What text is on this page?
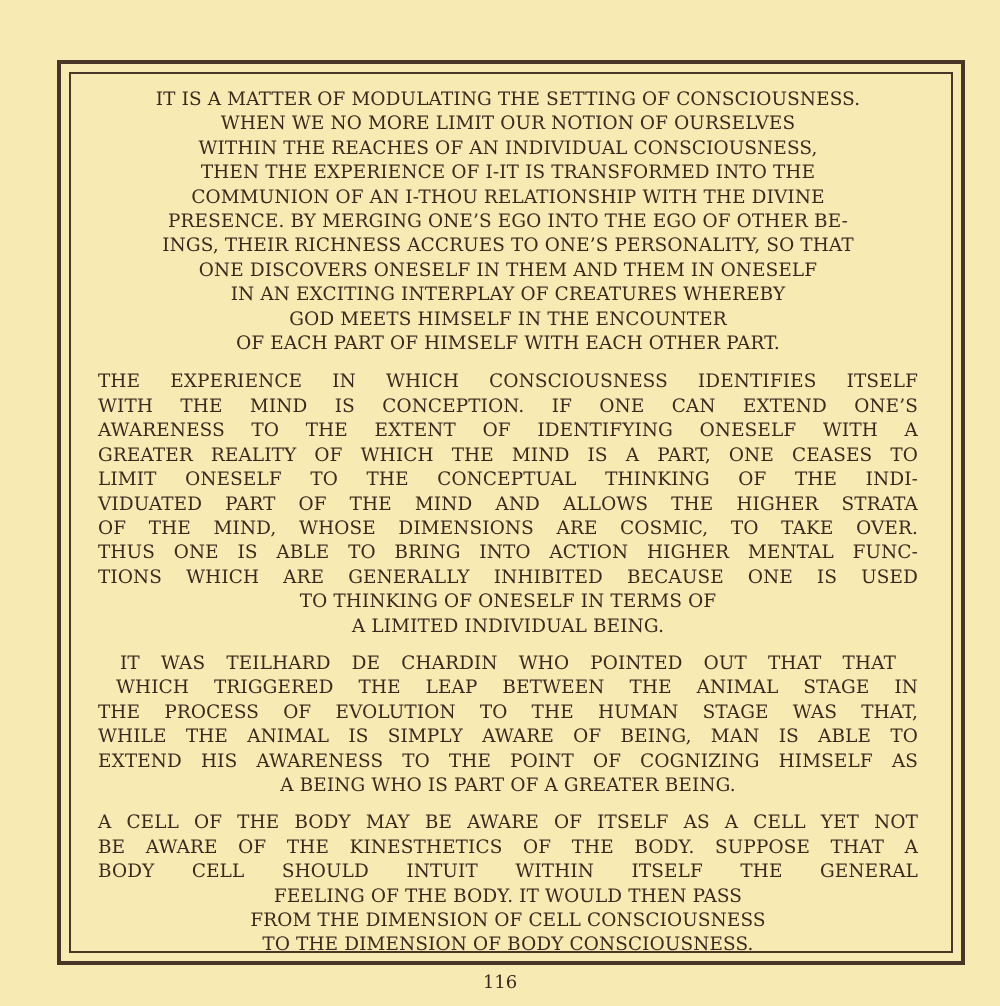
IT IS A MATTER OF MODULATING THE SETTING OF CONSCIOUSNESS.
WHEN WE NO MORE LIMIT OUR NOTION OF OURSELVES
WITHIN THE REACHES OF AN INDIVIDUAL CONSCIOUSNESS,
THEN THE EXPERIENCE OF I-IT IS TRANSFORMED INTO THE
COMMUNION OF AN I-THOU RELATIONSHIP WITH THE DIVINE
PRESENCE. BY MERGING ONE’S EGO INTO THE EGO OF OTHER BE-
INGS, THEIR RICHNESS ACCRUES TO ONE’S PERSONALITY, SO THAT
ONE DISCOVERS ONESELF IN THEM AND THEM IN ONESELF
IN AN EXCITING INTERPLAY OF CREATURES WHEREBY
GOD MEETS HIMSELF IN THE ENCOUNTER
OF EACH PART OF HIMSELF WITH EACH OTHER PART.

THE EXPERIENCE IN WHICH CONSCIOUSNESS IDENTIFIES ITSELF
WITH THE MIND IS CONCEPTION. IF ONE CAN EXTEND ONE’S
AWARENESS TO THE EXTENT OF IDENTIFYING ONESELF WITH A
GREATER REALITY OF WHICH THE MIND IS A PART, ONE CEASES TO
LIMIT ONESELF TO THE CONCEPTUAL THINKING OF THE INDI-
VIDUATED PART OF THE MIND AND ALLOWS THE HIGHER STRATA
OF THE MIND, WHOSE DIMENSIONS ARE COSMIC, TO TAKE OVER.
THUS ONE IS ABLE TO BRING INTO ACTION HIGHER MENTAL FUNC-
TIONS WHICH ARE GENERALLY INHIBITED BECAUSE ONE IS USED
TO THINKING OF ONESELF IN TERMS OF
A LIMITED INDIVIDUAL BEING.

IT WAS TEILHARD DE CHARDIN WHO POINTED OUT THAT THAT
WHICH TRIGGERED THE LEAP BETWEEN THE ANIMAL STAGE IN
THE PROCESS OF EVOLUTION TO THE HUMAN STAGE WAS THAT,
WHILE THE ANIMAL IS SIMPLY AWARE OF BEING, MAN IS ABLE TO
EXTEND HIS AWARENESS TO THE POINT OF COGNIZING HIMSELF AS
A BEING WHO IS PART OF A GREATER BEING.

A CELL OF THE BODY MAY BE AWARE OF ITSELF AS A CELL YET NOT
BE AWARE OF THE KINESTHETICS OF THE BODY. SUPPOSE THAT A
BODY CELL SHOULD INTUIT WITHIN ITSELF THE GENERAL
FEELING OF THE BODY. IT WOULD THEN PASS
FROM THE DIMENSION OF CELL CONSCIOUSNESS
TO THE DIMENSION OF BODY CONSCIOUSNESS.

116
